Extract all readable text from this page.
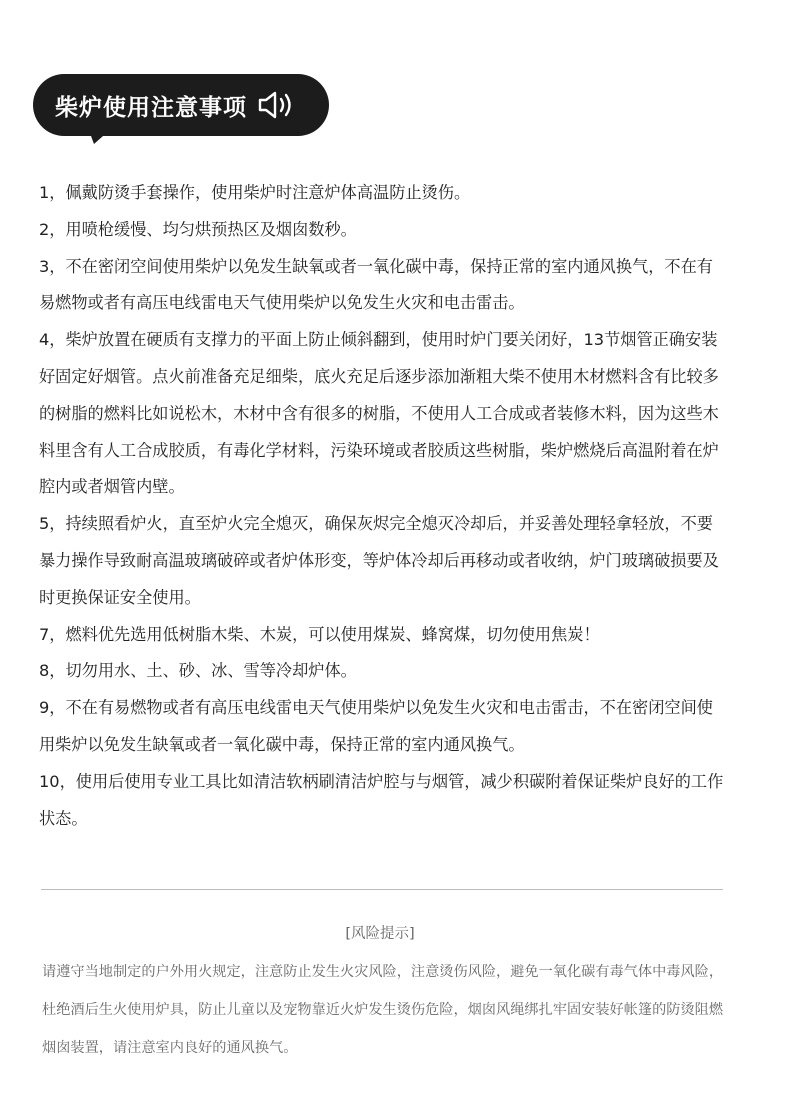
柴炉使用注意事项
1，佩戴防烫手套操作，使用柴炉时注意炉体高温防止烫伤。
2，用喷枪缓慢、均匀烘预热区及烟囱数秒。
3，不在密闭空间使用柴炉以免发生缺氧或者一氧化碳中毒，保持正常的室内通风换气，不在有易燃物或者有高压电线雷电天气使用柴炉以免发生火灾和电击雷击。
4，柴炉放置在硬质有支撑力的平面上防止倾斜翻到，使用时炉门要关闭好，13节烟管正确安装好固定好烟管。点火前准备充足细柴，底火充足后逐步添加渐粗大柴不使用木材燃料含有比较多的树脂的燃料比如说松木，木材中含有很多的树脂，不使用人工合成或者装修木料，因为这些木料里含有人工合成胶质，有毒化学材料，污染环境或者胶质这些树脂，柴炉燃烧后高温附着在炉腔内或者烟管内壁。
5，持续照看炉火，直至炉火完全熄灭，确保灰烬完全熄灭冷却后，并妥善处理轻拿轻放，不要暴力操作导致耐高温玻璃破碎或者炉体形变，等炉体冷却后再移动或者收纳，炉门玻璃破损要及时更换保证安全使用。
7，燃料优先选用低树脂木柴、木炭，可以使用煤炭、蜂窝煤，切勿使用焦炭！
8，切勿用水、土、砂、冰、雪等冷却炉体。
9，不在有易燃物或者有高压电线雷电天气使用柴炉以免发生火灾和电击雷击，不在密闭空间使用柴炉以免发生缺氧或者一氧化碳中毒，保持正常的室内通风换气。
10，使用后使用专业工具比如清洁软柄刷清洁炉腔与与烟管，减少积碳附着保证柴炉良好的工作状态。
[风险提示]

请遵守当地制定的户外用火规定，注意防止发生火灾风险，注意烫伤风险，避免一氧化碳有毒气体中毒风险，杜绝酒后生火使用炉具，防止儿童以及宠物靠近火炉发生烫伤危险，烟囱风绳绑扎牢固安装好帐篷的防烫阻燃烟囱装置，请注意室内良好的通风换气。
